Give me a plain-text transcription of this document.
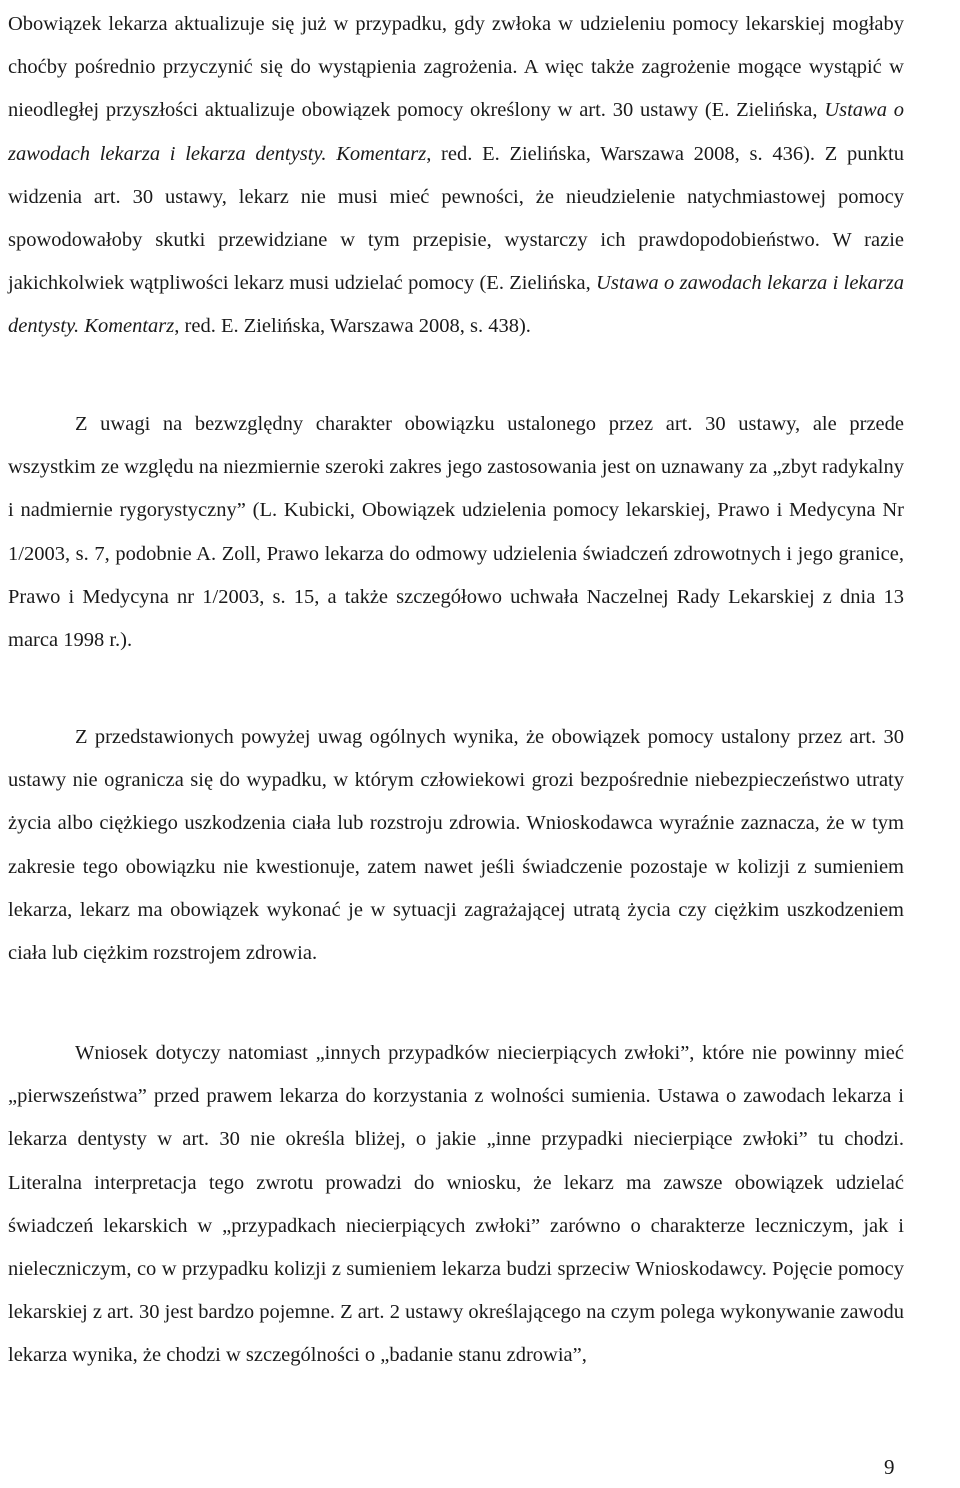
Obowiązek lekarza aktualizuje się już w przypadku, gdy zwłoka w udzieleniu pomocy lekarskiej mogłaby choćby pośrednio przyczynić się do wystąpienia zagrożenia. A więc także zagrożenie mogące wystąpić w nieodległej przyszłości aktualizuje obowiązek pomocy określony w art. 30 ustawy (E. Zielińska, Ustawa o zawodach lekarza i lekarza dentysty. Komentarz, red. E. Zielińska, Warszawa 2008, s. 436). Z punktu widzenia art. 30 ustawy, lekarz nie musi mieć pewności, że nieudzielenie natychmiastowej pomocy spowodowałoby skutki przewidziane w tym przepisie, wystarczy ich prawdopodobieństwo. W razie jakichkolwiek wątpliwości lekarz musi udzielać pomocy (E. Zielińska, Ustawa o zawodach lekarza i lekarza dentysty. Komentarz, red. E. Zielińska, Warszawa 2008, s. 438).

Z uwagi na bezwzględny charakter obowiązku ustalonego przez art. 30 ustawy, ale przede wszystkim ze względu na niezmiernie szeroki zakres jego zastosowania jest on uznawany za „zbyt radykalny i nadmiernie rygorystyczny” (L. Kubicki, Obowiązek udzielenia pomocy lekarskiej, Prawo i Medycyna Nr 1/2003, s. 7, podobnie A. Zoll, Prawo lekarza do odmowy udzielenia świadczeń zdrowotnych i jego granice, Prawo i Medycyna nr 1/2003, s. 15, a także szczegółowo uchwała Naczelnej Rady Lekarskiej z dnia 13 marca 1998 r.).

Z przedstawionych powyżej uwag ogólnych wynika, że obowiązek pomocy ustalony przez art. 30 ustawy nie ogranicza się do wypadku, w którym człowiekowi grozi bezpośrednie niebezpieczeństwo utraty życia albo ciężkiego uszkodzenia ciała lub rozstroju zdrowia. Wnioskodawca wyraźnie zaznacza, że w tym zakresie tego obowiązku nie kwestionuje, zatem nawet jeśli świadczenie pozostaje w kolizji z sumieniem lekarza, lekarz ma obowiązek wykonać je w sytuacji zagrażającej utratą życia czy ciężkim uszkodzeniem ciała lub ciężkim rozstrojem zdrowia.

Wniosek dotyczy natomiast „innych przypadków niecierpiących zwłoki”, które nie powinny mieć „pierwszeństwa” przed prawem lekarza do korzystania z wolności sumienia. Ustawa o zawodach lekarza i lekarza dentysty w art. 30 nie określa bliżej, o jakie „inne przypadki niecierpiące zwłoki” tu chodzi. Literalna interpretacja tego zwrotu prowadzi do wniosku, że lekarz ma zawsze obowiązek udzielać świadczeń lekarskich w „przypadkach niecierpiących zwłoki” zarówno o charakterze leczniczym, jak i nieleczniczym, co w przypadku kolizji z sumieniem lekarza budzi sprzeciw Wnioskodawcy. Pojęcie pomocy lekarskiej z art. 30 jest bardzo pojemne. Z art. 2 ustawy określającego na czym polega wykonywanie zawodu lekarza wynika, że chodzi w szczególności o „badanie stanu zdrowia”,

9
